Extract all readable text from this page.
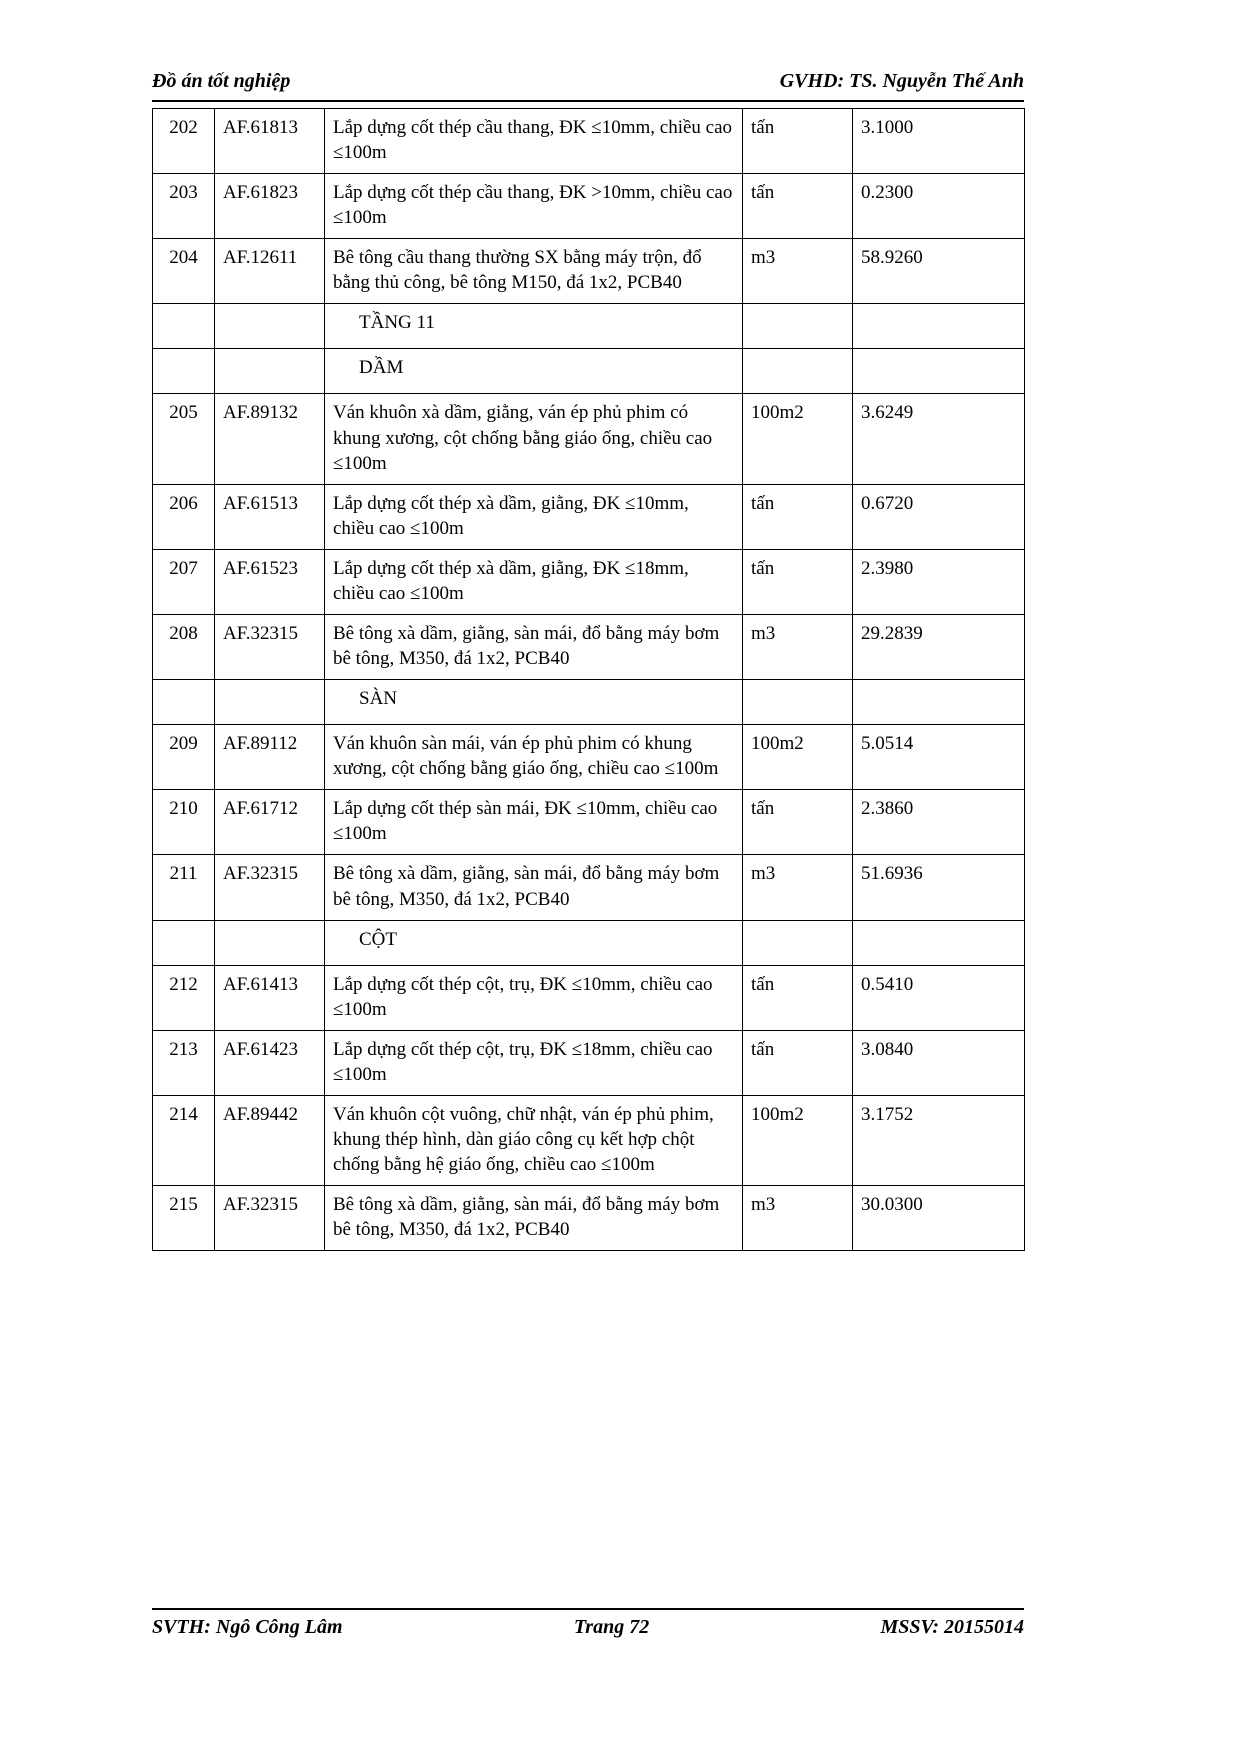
Đồ án tốt nghiệp	GVHD: TS. Nguyễn Thế Anh
202	AF.61813	Lắp dựng cốt thép cầu thang, ĐK ≤10mm, chiều cao ≤100m	tấn	3.1000
203	AF.61823	Lắp dựng cốt thép cầu thang, ĐK >10mm, chiều cao ≤100m	tấn	0.2300
204	AF.12611	Bê tông cầu thang thường SX bằng máy trộn, đổ bằng thủ công, bê tông M150, đá 1x2, PCB40	m3	58.9260
		TẦNG 11		
		DẦM		
205	AF.89132	Ván khuôn xà dầm, giằng, ván ép phủ phim có khung xương, cột chống bằng giáo ống, chiều cao ≤100m	100m2	3.6249
206	AF.61513	Lắp dựng cốt thép xà dầm, giằng, ĐK ≤10mm, chiều cao ≤100m	tấn	0.6720
207	AF.61523	Lắp dựng cốt thép xà dầm, giằng, ĐK ≤18mm, chiều cao ≤100m	tấn	2.3980
208	AF.32315	Bê tông xà dầm, giằng, sàn mái, đổ bằng máy bơm bê tông, M350, đá 1x2, PCB40	m3	29.2839
		SÀN		
209	AF.89112	Ván khuôn sàn mái, ván ép phủ phim có khung xương, cột chống bằng giáo ống, chiều cao ≤100m	100m2	5.0514
210	AF.61712	Lắp dựng cốt thép sàn mái, ĐK ≤10mm, chiều cao ≤100m	tấn	2.3860
211	AF.32315	Bê tông xà dầm, giằng, sàn mái, đổ bằng máy bơm bê tông, M350, đá 1x2, PCB40	m3	51.6936
		CỘT		
212	AF.61413	Lắp dựng cốt thép cột, trụ, ĐK ≤10mm, chiều cao ≤100m	tấn	0.5410
213	AF.61423	Lắp dựng cốt thép cột, trụ, ĐK ≤18mm, chiều cao ≤100m	tấn	3.0840
214	AF.89442	Ván khuôn cột vuông, chữ nhật, ván ép phủ phim, khung thép hình, dàn giáo công cụ kết hợp chột chống bằng hệ giáo ống, chiều cao ≤100m	100m2	3.1752
215	AF.32315	Bê tông xà dầm, giằng, sàn mái, đổ bằng máy bơm bê tông, M350, đá 1x2, PCB40	m3	30.0300
SVTH: Ngô Công Lâm	Trang 72	MSSV: 20155014
